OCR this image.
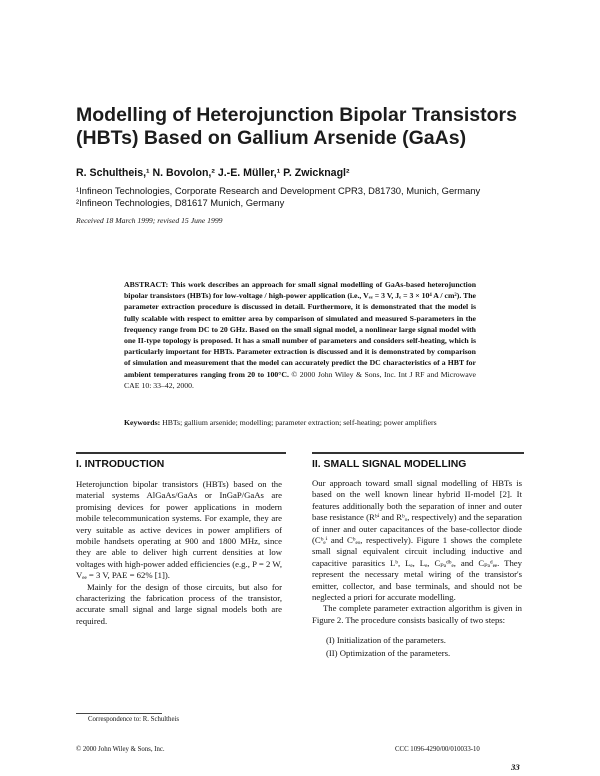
Modelling of Heterojunction Bipolar Transistors (HBTs) Based on Gallium Arsenide (GaAs)
R. Schultheis,¹ N. Bovolon,² J.-E. Müller,¹ P. Zwicknagl²
¹Infineon Technologies, Corporate Research and Development CPR3, D81730, Munich, Germany
²Infineon Technologies, D81617 Munich, Germany
Received 18 March 1999; revised 15 June 1999
ABSTRACT: This work describes an approach for small signal modelling of GaAs-based heterojunction bipolar transistors (HBTs) for low-voltage / high-power application (i.e., Vₑₑ = 3 V, Jₑ = 3 × 10⁴ A / cm²). The parameter extraction procedure is discussed in detail. Furthermore, it is demonstrated that the model is fully scalable with respect to emitter area by comparison of simulated and measured S-parameters in the frequency range from DC to 20 GHz. Based on the small signal model, a nonlinear large signal model with one II-type topology is proposed. It has a small number of parameters and considers self-heating, which is particularly important for HBTs. Parameter extraction is discussed and it is demonstrated by comparison of simulation and measurement that the model can accurately predict the DC characteristics of a HBT for ambient temperatures ranging from 20 to 100°C. © 2000 John Wiley & Sons, Inc. Int J RF and Microwave CAE 10: 33–42, 2000.
Keywords: HBTs; gallium arsenide; modelling; parameter extraction; self-heating; power amplifiers
I. INTRODUCTION	II. SMALL SIGNAL MODELLING

Heterojunction bipolar transistors (HBTs) based on the material systems AlGaAs/GaAs or InGaP/GaAs are promising devices for power applications in modern mobile telecommunication systems. For example, they are very suitable as active devices in power amplifiers of mobile handsets operating at 900 and 1800 MHz, since they are able to deliver high current densities at low voltages with high-power added efficiencies (e.g., P = 2 W, Vₑₑ = 3 V, PAE = 62% [1]).

Mainly for the design of those circuits, but also for characterizing the fabrication process of the transistor, accurate small signal and large signal models both are required.

Our approach toward small signal modelling of HBTs is based on the well known linear hybrid II-model [2]. It features additionally both the separation of inner and outer base resistance (Rᵇⁱ and Rᵇₒ, respectively) and the separation of inner and outer capacitances of the base-collector diode (Cᵇₑⁱ and Cᵇₑₒ, respectively). Figure 1 shows the complete small signal equivalent circuit including inductive and capacitive parasitics Lᵇ, Lₑ, Lₑ, Cₚₐᵈᵇₑ, and Cₚₐᵈₑₑ. They represent the necessary metal wiring of the transistor's emitter, collector, and base terminals, and should not be neglected a priori for accurate modelling.

The complete parameter extraction algorithm is given in Figure 2. The procedure consists basically of two steps:

(I) Initialization of the parameters.
(II) Optimization of the parameters.
Correspondence to: R. Schultheis
© 2000 John Wiley & Sons, Inc.	CCC 1096-4290/00/010033-10
33
